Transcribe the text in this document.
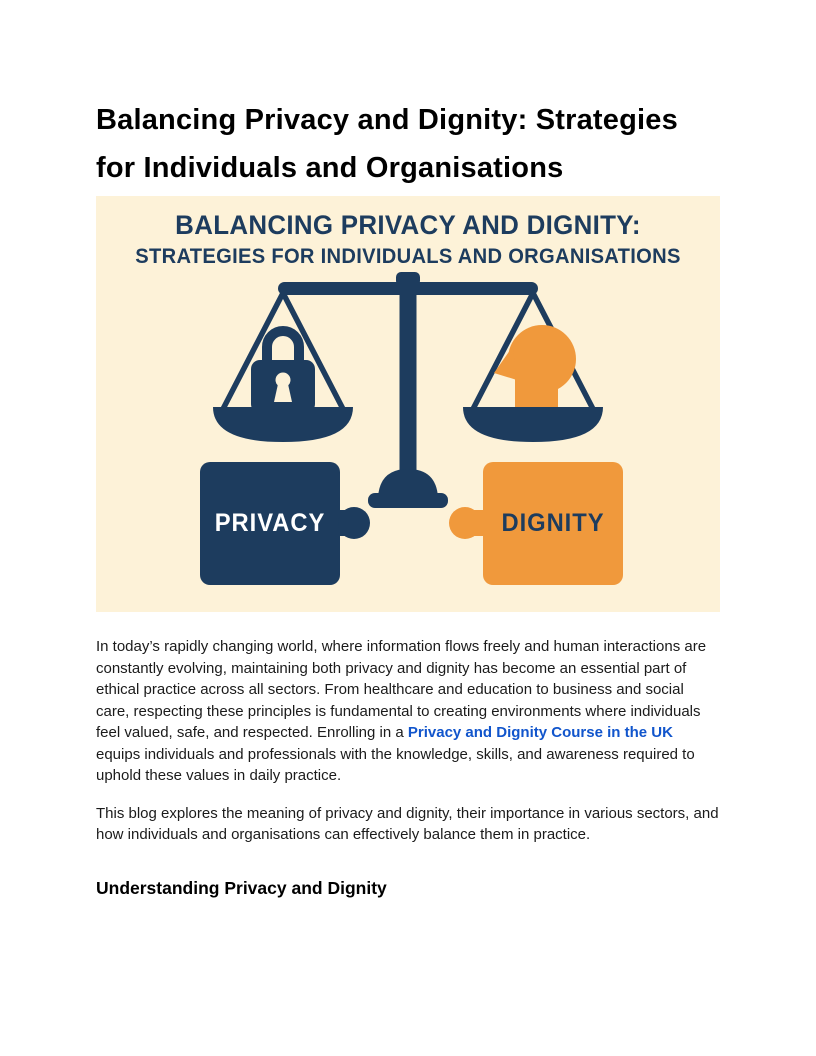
Balancing Privacy and Dignity: Strategies for Individuals and Organisations
BALANCING PRIVACY AND DIGNITY:
STRATEGIES FOR INDIVIDUALS AND ORGANISATIONS
PRIVACY	DIGNITY

In today’s rapidly changing world, where information flows freely and human interactions are constantly evolving, maintaining both privacy and dignity has become an essential part of ethical practice across all sectors. From healthcare and education to business and social care, respecting these principles is fundamental to creating environments where individuals feel valued, safe, and respected. Enrolling in a Privacy and Dignity Course in the UK equips individuals and professionals with the knowledge, skills, and awareness required to uphold these values in daily practice.

This blog explores the meaning of privacy and dignity, their importance in various sectors, and how individuals and organisations can effectively balance them in practice.

Understanding Privacy and Dignity
